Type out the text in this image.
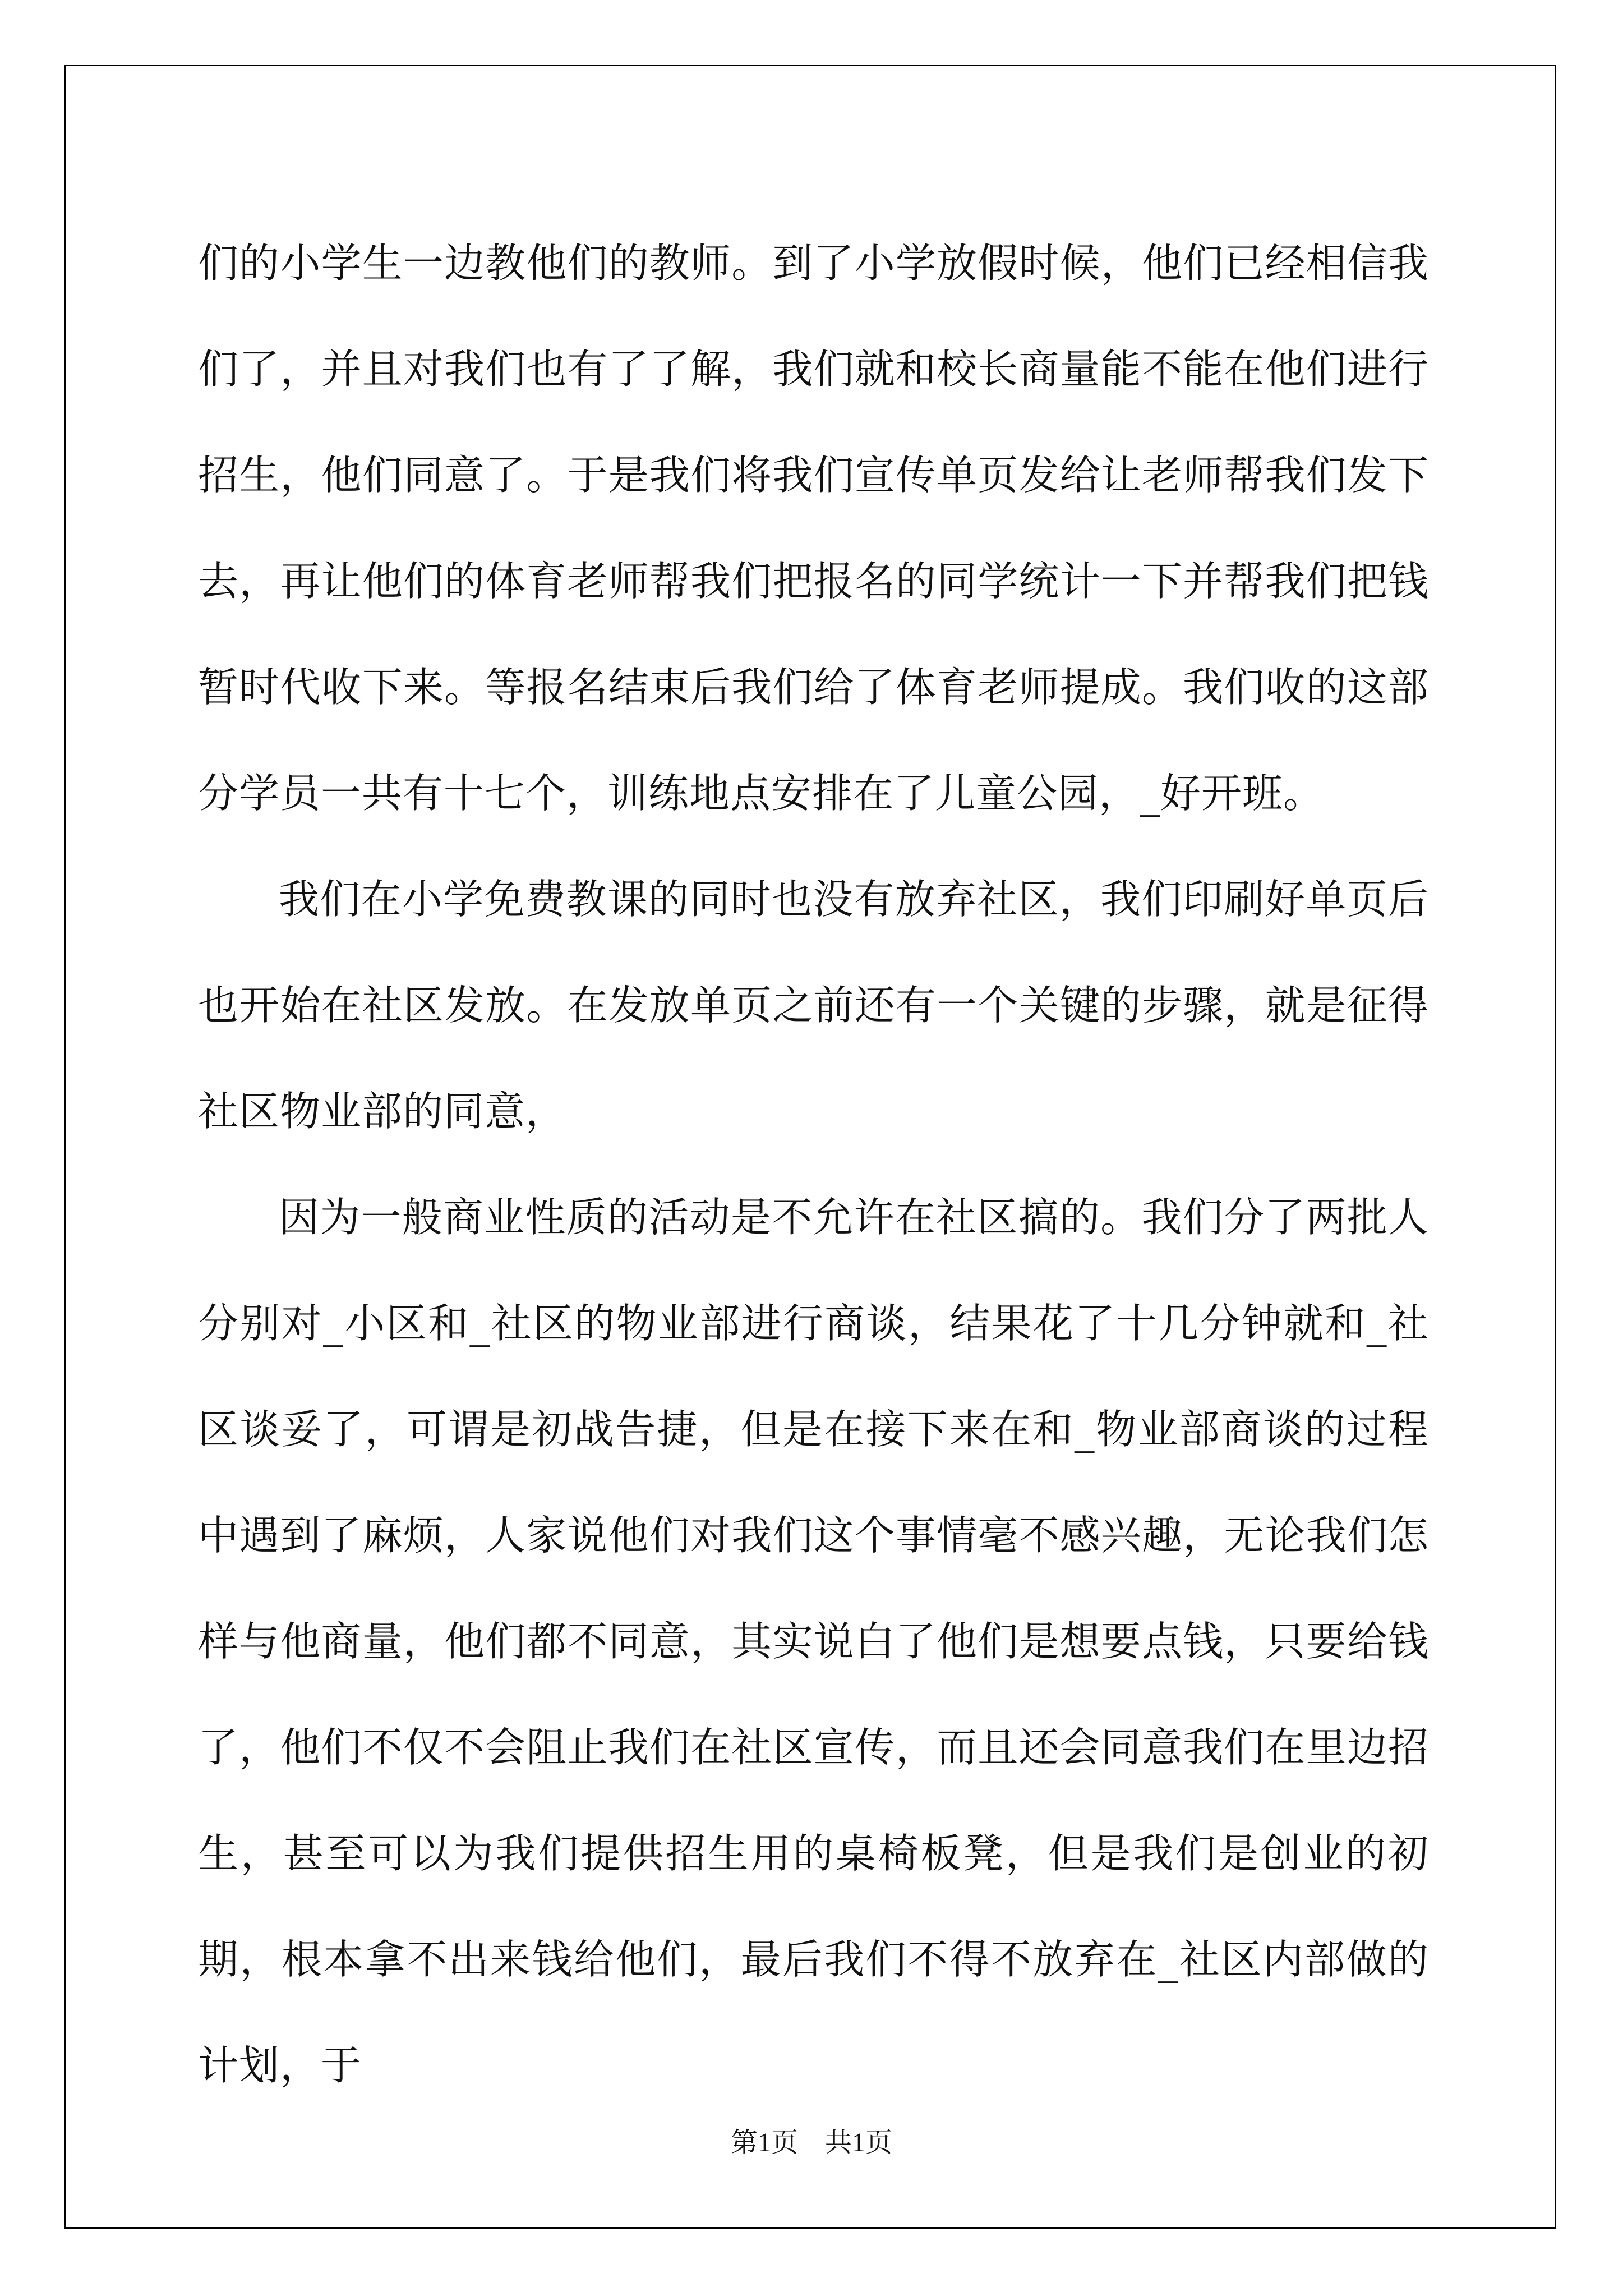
们的小学生一边教他们的教师。到了小学放假时候，他们已经相信我们了，并且对我们也有了了解，我们就和校长商量能不能在他们进行招生，他们同意了。于是我们将我们宣传单页发给让老师帮我们发下去，再让他们的体育老师帮我们把报名的同学统计一下并帮我们把钱暂时代收下来。等报名结束后我们给了体育老师提成。我们收的这部分学员一共有十七个，训练地点安排在了儿童公园，_好开班。

我们在小学免费教课的同时也没有放弃社区，我们印刷好单页后也开始在社区发放。在发放单页之前还有一个关键的步骤，就是征得社区物业部的同意，

因为一般商业性质的活动是不允许在社区搞的。我们分了两批人分别对_小区和_社区的物业部进行商谈，结果花了十几分钟就和_社区谈妥了，可谓是初战告捷，但是在接下来在和_物业部商谈的过程中遇到了麻烦，人家说他们对我们这个事情毫不感兴趣，无论我们怎样与他商量，他们都不同意，其实说白了他们是想要点钱，只要给钱了，他们不仅不会阻止我们在社区宣传，而且还会同意我们在里边招生，甚至可以为我们提供招生用的桌椅板凳，但是我们是创业的初期，根本拿不出来钱给他们，最后我们不得不放弃在_社区内部做的计划，于

第1页　共1页
